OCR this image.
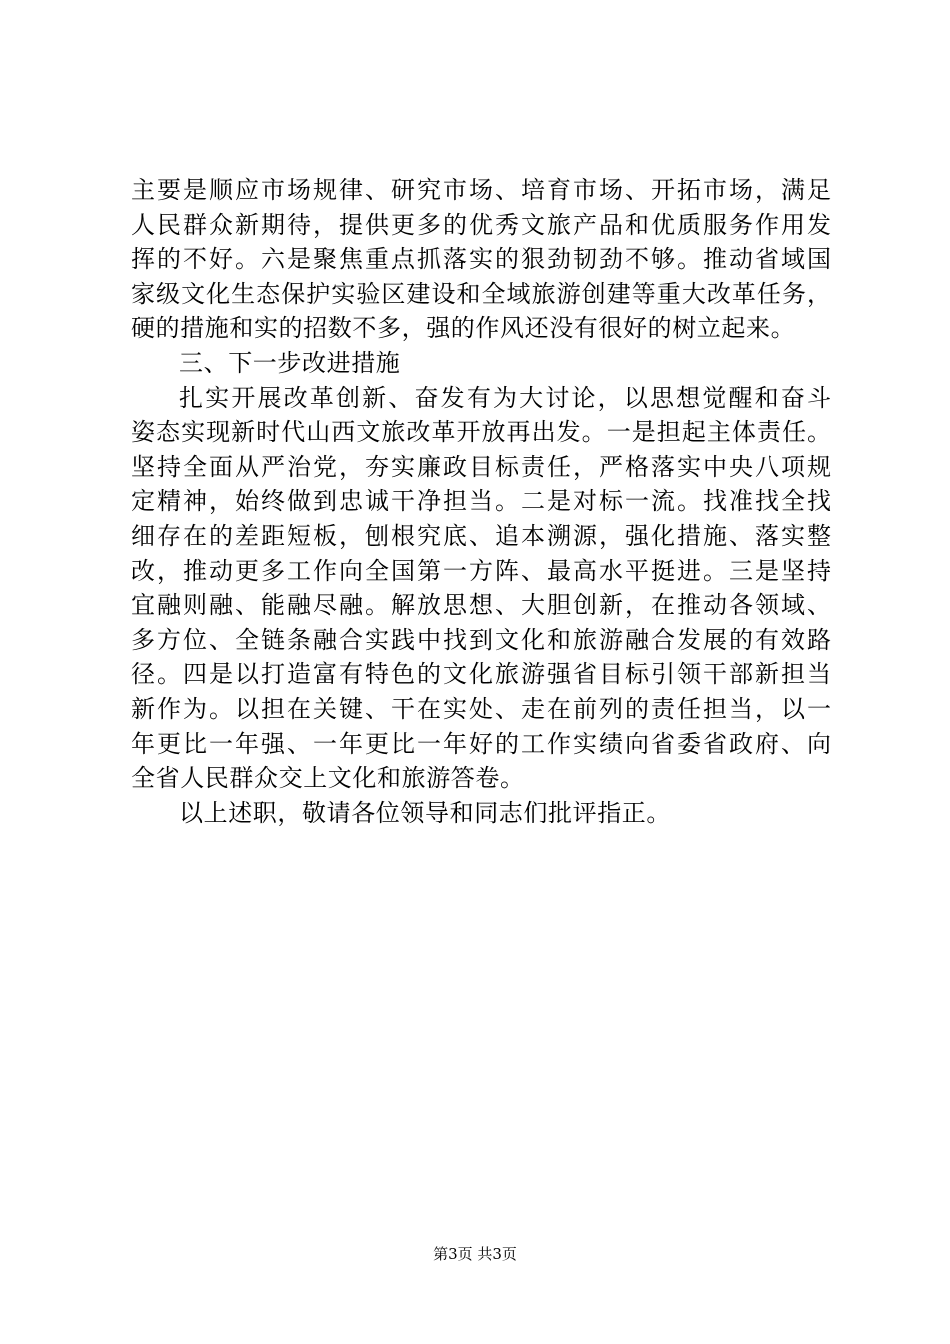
主要是顺应市场规律、研究市场、培育市场、开拓市场，满足
人民群众新期待，提供更多的优秀文旅产品和优质服务作用发
挥的不好。六是聚焦重点抓落实的狠劲韧劲不够。推动省域国
家级文化生态保护实验区建设和全域旅游创建等重大改革任务，
硬的措施和实的招数不多，强的作风还没有很好的树立起来。
三、下一步改进措施
扎实开展改革创新、奋发有为大讨论，以思想觉醒和奋斗
姿态实现新时代山西文旅改革开放再出发。一是担起主体责任。
坚持全面从严治党，夯实廉政目标责任，严格落实中央八项规
定精神，始终做到忠诚干净担当。二是对标一流。找准找全找
细存在的差距短板，刨根究底、追本溯源，强化措施、落实整
改，推动更多工作向全国第一方阵、最高水平挺进。三是坚持
宜融则融、能融尽融。解放思想、大胆创新，在推动各领域、
多方位、全链条融合实践中找到文化和旅游融合发展的有效路
径。四是以打造富有特色的文化旅游强省目标引领干部新担当
新作为。以担在关键、干在实处、走在前列的责任担当，以一
年更比一年强、一年更比一年好的工作实绩向省委省政府、向
全省人民群众交上文化和旅游答卷。
以上述职，敬请各位领导和同志们批评指正。
第3页 共3页
